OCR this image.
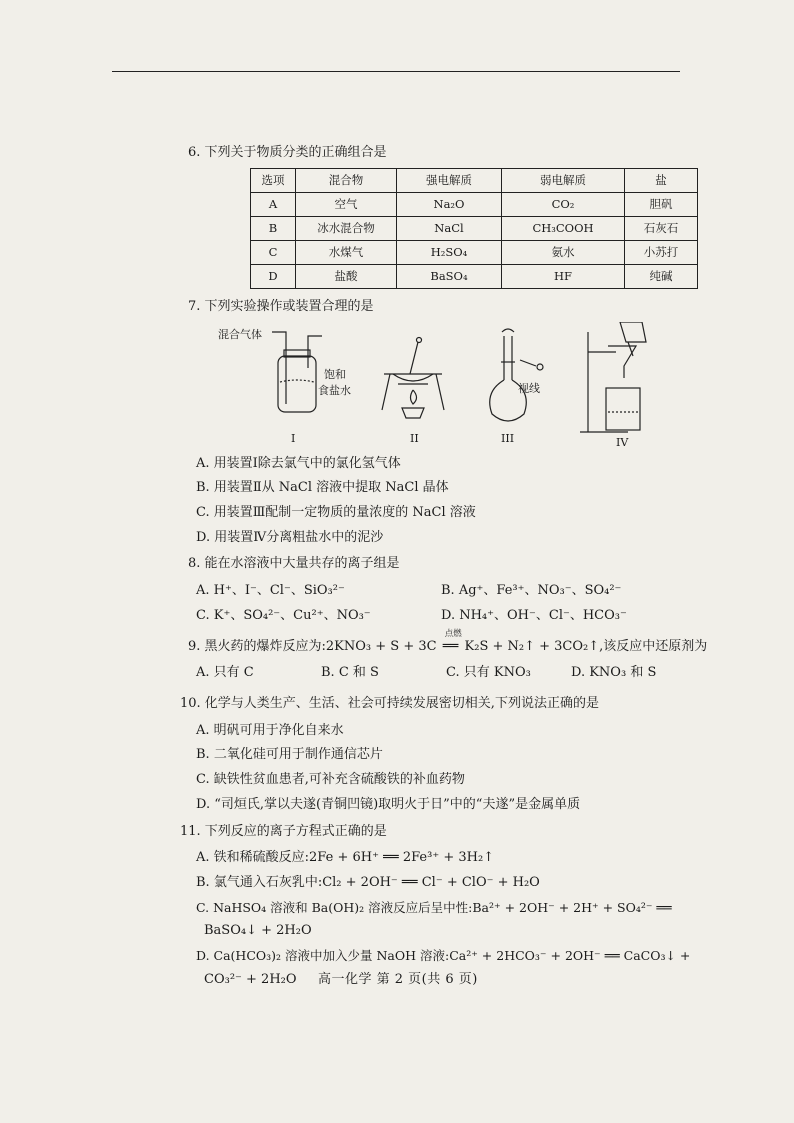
6. 下列关于物质分类的正确组合是
选项	混合物	强电解质	弱电解质	盐
A	空气	Na₂O	CO₂	胆矾
B	冰水混合物	NaCl	CH₃COOH	石灰石
C	水煤气	H₂SO₄	氨水	小苏打
D	盐酸	BaSO₄	HF	纯碱
7. 下列实验操作或装置合理的是
混合气体
饱和
食盐水	视线
I	II	III	IV
A. 用装置Ⅰ除去氯气中的氯化氢气体
B. 用装置Ⅱ从 NaCl 溶液中提取 NaCl 晶体
C. 用装置Ⅲ配制一定物质的量浓度的 NaCl 溶液
D. 用装置Ⅳ分离粗盐水中的泥沙
8. 能在水溶液中大量共存的离子组是
A. H⁺、I⁻、Cl⁻、SiO₃²⁻	B. Ag⁺、Fe³⁺、NO₃⁻、SO₄²⁻
C. K⁺、SO₄²⁻、Cu²⁺、NO₃⁻	D. NH₄⁺、OH⁻、Cl⁻、HCO₃⁻
9. 黑火药的爆炸反应为:2KNO₃ + S + 3C
点燃
══ K₂S + N₂↑ + 3CO₂↑,该反应中还原剂为
A. 只有 C	B. C 和 S	C. 只有 KNO₃	D. KNO₃ 和 S
10. 化学与人类生产、生活、社会可持续发展密切相关,下列说法正确的是
A. 明矾可用于净化自来水
B. 二氧化硅可用于制作通信芯片
C. 缺铁性贫血患者,可补充含硫酸铁的补血药物
D. “司烜氏,掌以夫遂(青铜凹镜)取明火于日”中的“夫遂”是金属单质
11. 下列反应的离子方程式正确的是
A. 铁和稀硫酸反应:2Fe + 6H⁺ ══ 2Fe³⁺ + 3H₂↑
B. 氯气通入石灰乳中:Cl₂ + 2OH⁻ ══ Cl⁻ + ClO⁻ + H₂O
C. NaHSO₄ 溶液和 Ba(OH)₂ 溶液反应后呈中性:Ba²⁺ + 2OH⁻ + 2H⁺ + SO₄²⁻ ══
BaSO₄↓ + 2H₂O
D. Ca(HCO₃)₂ 溶液中加入少量 NaOH 溶液:Ca²⁺ + 2HCO₃⁻ + 2OH⁻ ══ CaCO₃↓ +
CO₃²⁻ + 2H₂O	高一化学 第 2 页(共 6 页)
